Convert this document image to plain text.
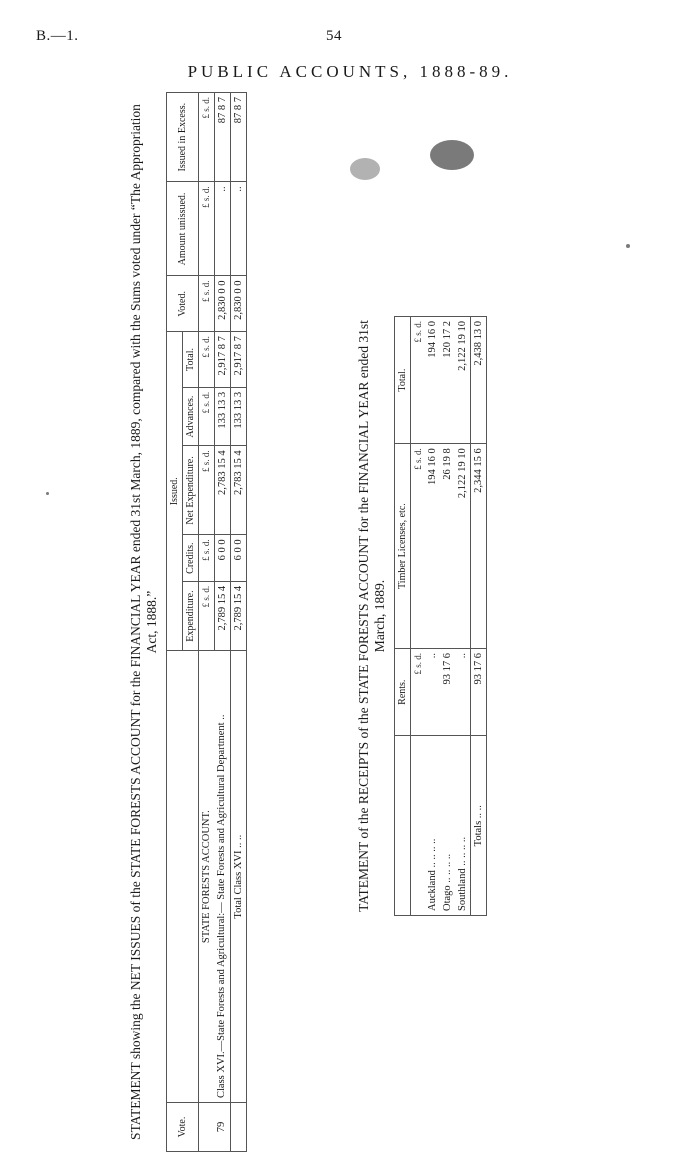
B.—1.	54
PUBLIC ACCOUNTS, 1888-89.

STATEMENT showing the NET ISSUES of the STATE FORESTS ACCOUNT for the FINANCIAL YEAR ended 31st March, 1889, compared with the Sums voted under “The Appropriation Act, 1888.”

Vote.		Issued.					Voted.	Amount unissued.	Issued in Excess.
		Expenditure.	Credits.	Net Expenditure.	Advances.	Total.			
	STATE FORESTS ACCOUNT.	£ s. d.	£ s. d.	£ s. d.	£ s. d.	£ s. d.	£ s. d.	£ s. d.	£ s. d.
79	Class XVI.—State Forests and Agricultural:— State Forests and Agricultural Department ..	2,789 15 4	6 0 0	2,783 15 4	133 13 3	2,917 8 7	2,830 0 0	..	87 8 7
	Total Class XVI .. ..	2,789 15 4	6 0 0	2,783 15 4	133 13 3	2,917 8 7	2,830 0 0	..	87 8 7

TATEMENT of the RECEIPTS of the STATE FORESTS ACCOUNT for the FINANCIAL YEAR ended 31st March, 1889.

	Rents.	Timber Licenses, etc.	Total.
	£ s. d.	£ s. d.	£ s. d.
Auckland .. .. .. ..	..	194 16 0	194 16 0
Otago .. .. .. ..	93 17 6	26 19 8	120 17 2
Southland .. .. .. ..	..	2,122 19 10	2,122 19 10
Totals .. ..	93 17 6	2,344 15 6	2,438 13 0
